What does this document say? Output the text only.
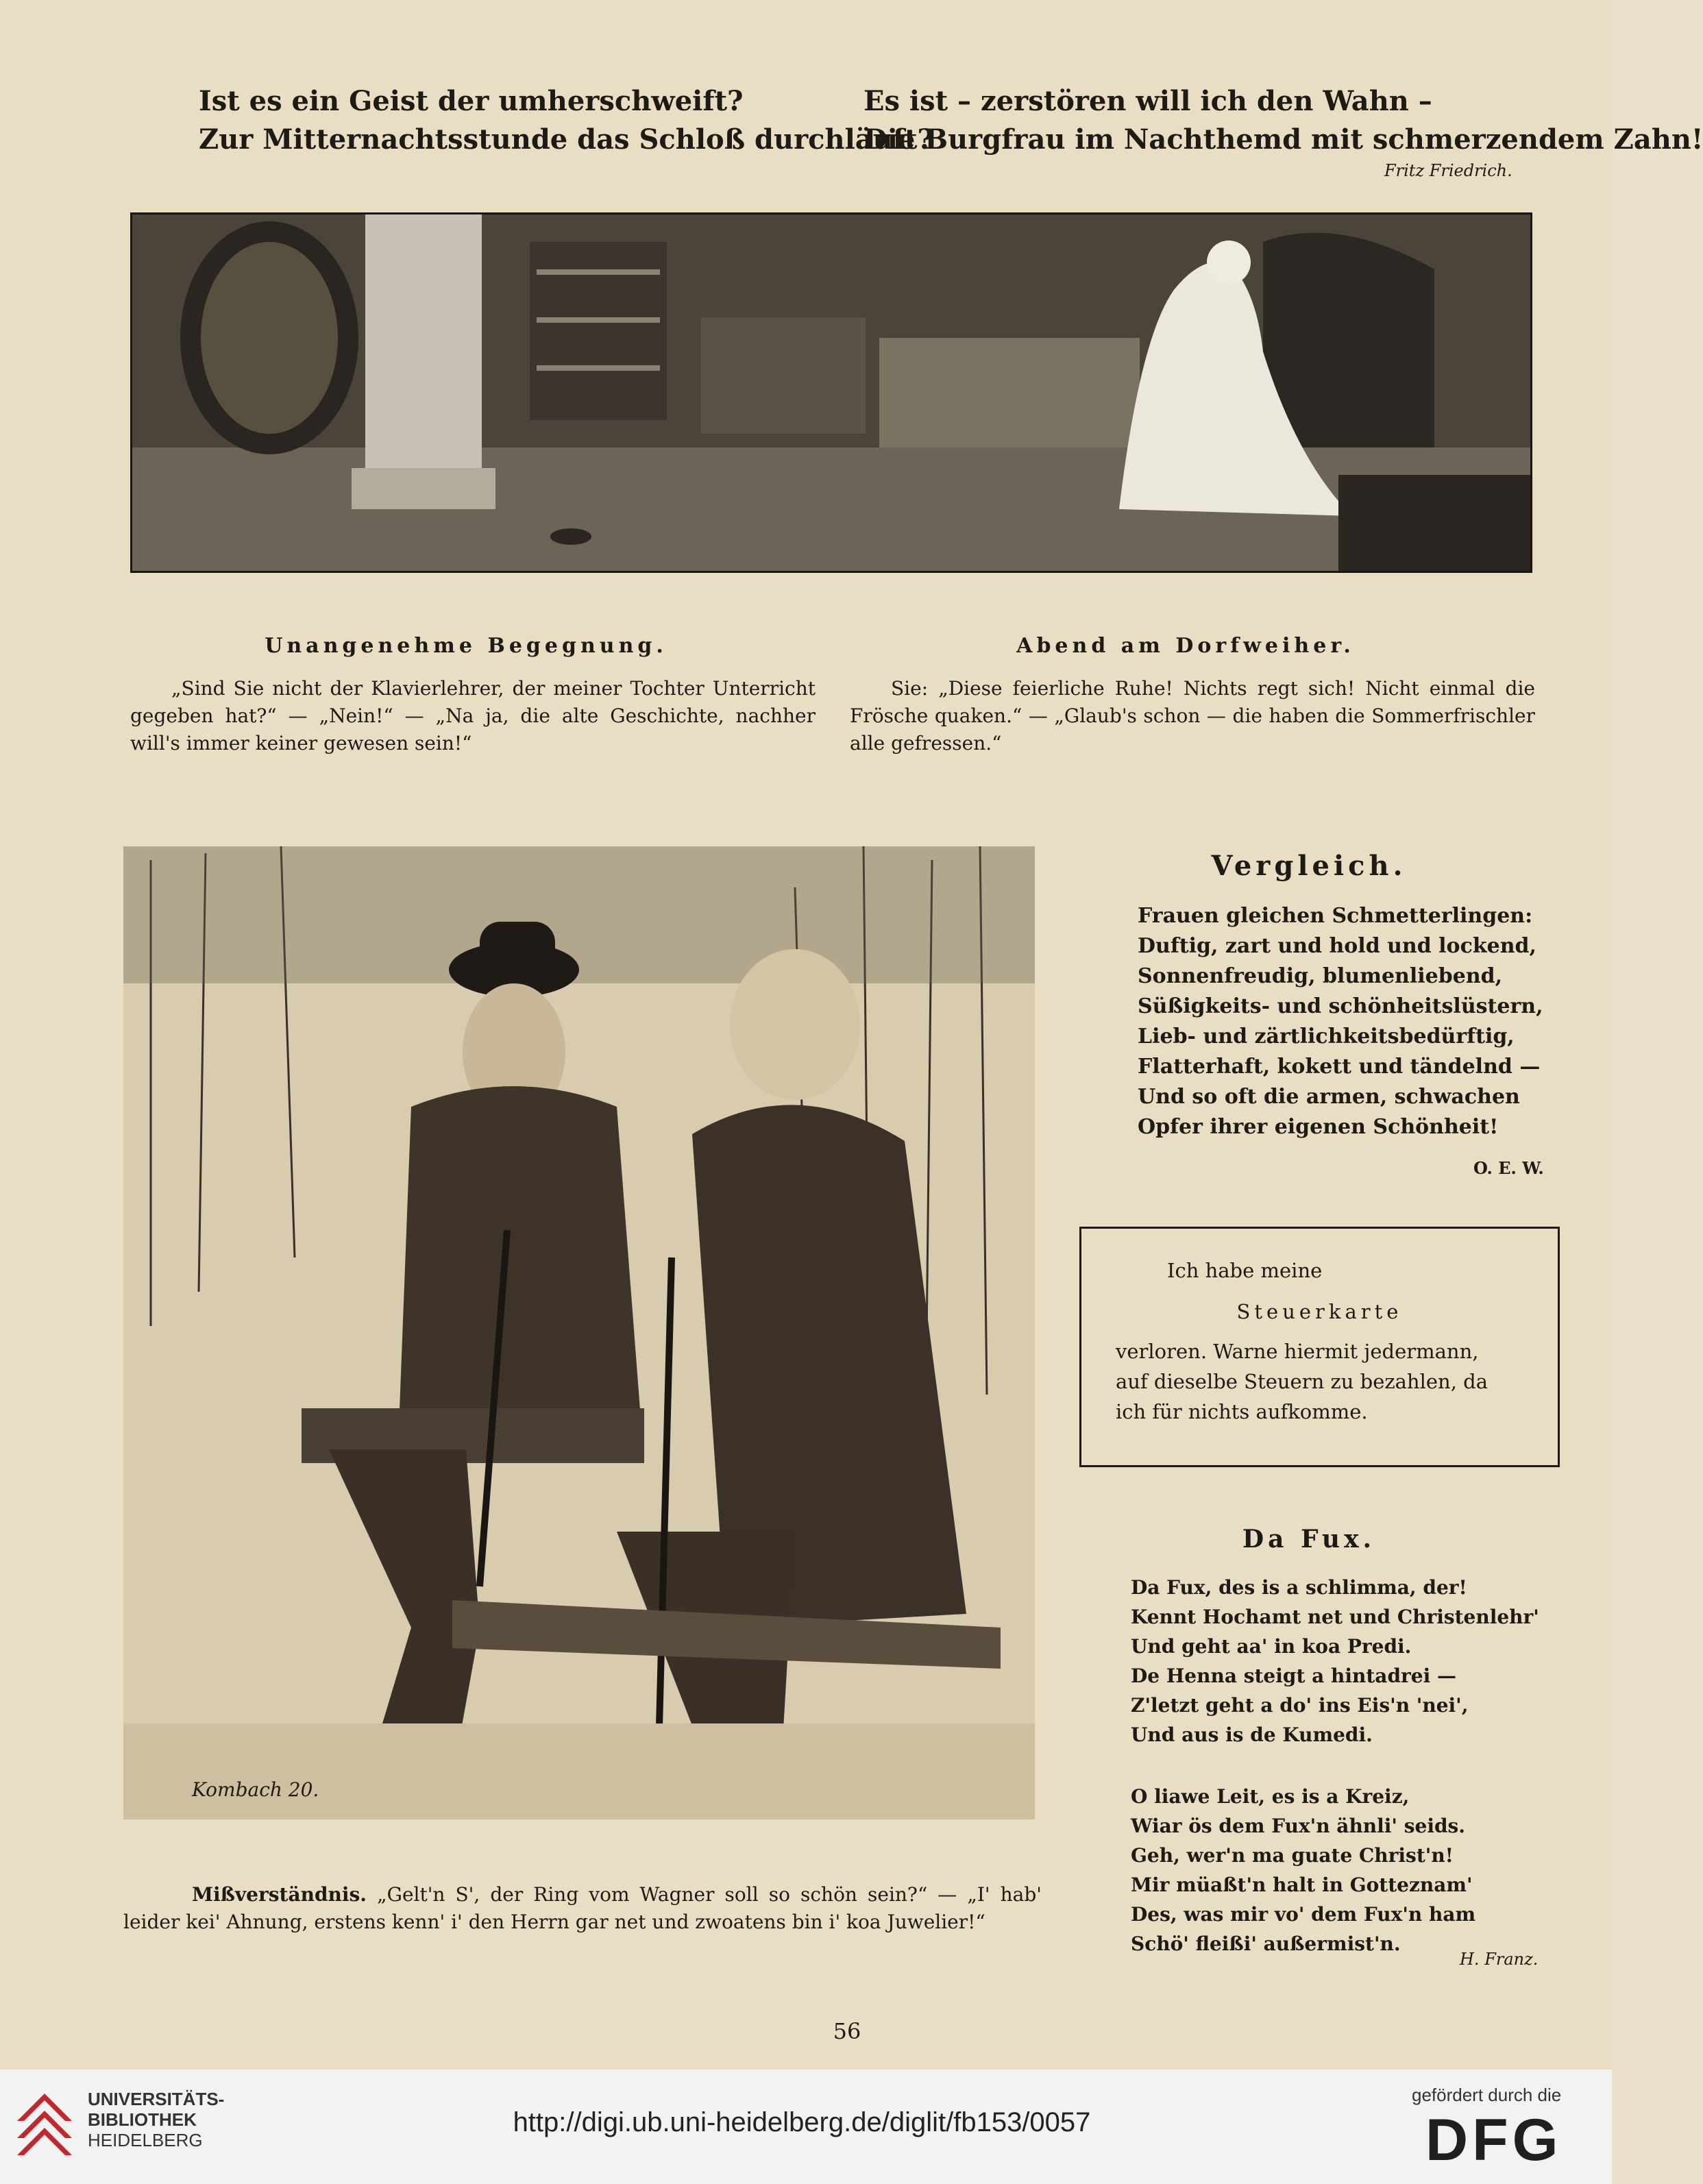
Ist es ein Geist der umherschweift?
Zur Mitternachtsstunde das Schloß durchläuft?
Es ist – zerstören will ich den Wahn –
Die Burgfrau im Nachthemd mit schmerzendem Zahn!
Fritz Friedrich.
Unangenehme Begegnung.	Abend am Dorfweiher.
„Sind Sie nicht der Klavierlehrer, der meiner Tochter Unterricht gegeben hat?“ — „Nein!“ — „Na ja, die alte Geschichte, nachher will's immer keiner gewesen sein!“
Sie: „Diese feierliche Ruhe! Nichts regt sich! Nicht einmal die Frösche quaken.“ — „Glaub's schon — die haben die Sommerfrischler alle gefressen.“
Kombach 20.
Vergleich.
Frauen gleichen Schmetterlingen:
Duftig, zart und hold und lockend,
Sonnenfreudig, blumenliebend,
Süßigkeits- und schönheitslüstern,
Lieb- und zärtlichkeitsbedürftig,
Flatterhaft, kokett und tändelnd —
Und so oft die armen, schwachen
Opfer ihrer eigenen Schönheit!
O. E. W.
Ich habe meine
Steuerkarte
verloren. Warne hiermit jedermann,
auf dieselbe Steuern zu bezahlen, da
ich für nichts aufkomme.
Da Fux.
Da Fux, des is a schlimma, der!
Kennt Hochamt net und Christenlehr'
Und geht aa' in koa Predi.
De Henna steigt a hintadrei —
Z'letzt geht a do' ins Eis'n 'nei',
Und aus is de Kumedi.
O liawe Leit, es is a Kreiz,
Wiar ös dem Fux'n ähnli' seids.
Geh, wer'n ma guate Christ'n!
Mir müaßt'n halt in Gotteznam'
Des, was mir vo' dem Fux'n ham
Schö' fleißi' außermist'n.
H. Franz.
Mißverständnis. „Gelt'n S', der Ring vom Wagner soll so schön sein?“ — „I' hab' leider kei' Ahnung, erstens kenn' i' den Herrn gar net und zwoatens bin i' koa Juwelier!“
56
UNIVERSITÄTS-
BIBLIOTHEK
HEIDELBERG
http://digi.ub.uni-heidelberg.de/diglit/fb153/0057
gefördert durch die
DFG
